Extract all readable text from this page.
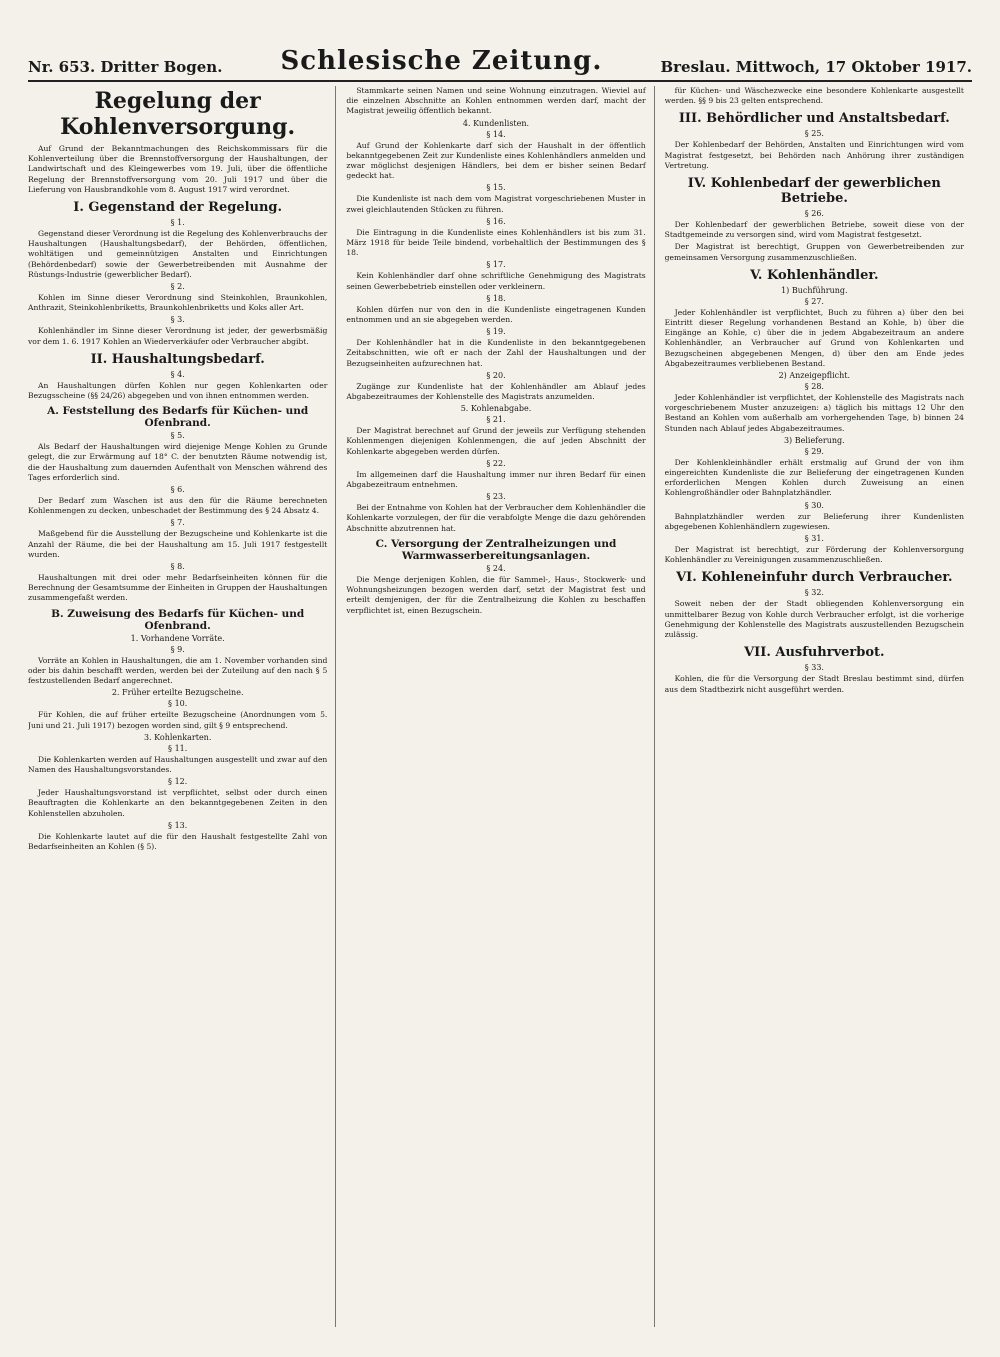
Nr. 653. Dritter Bogen. Schlesische Zeitung.	Breslau. Mittwoch, 17 Oktober 1917.
Regelung der Kohlenversorgung.

Auf Grund der Bekanntmachungen des Reichskommissars für die Kohlenverteilung über die Brennstoffversorgung der Haushaltungen, der Landwirtschaft und des Kleingewerbes vom 19. Juli, über die öffentliche Regelung der Brennstoffversorgung vom 20. Juli 1917 und über die Lieferung von Hausbrandkohle vom 8. August 1917 wird verordnet.

I. Gegenstand der Regelung.
§ 1.

Gegenstand dieser Verordnung ist die Regelung des Kohlenverbrauchs der Haushaltungen (Haushaltungsbedarf), der Behörden, öffentlichen, wohltätigen und gemeinnützigen Anstalten und Einrichtungen (Behördenbedarf) sowie der Gewerbetreibenden mit Ausnahme der Rüstungs-Industrie (gewerblicher Bedarf).

§ 2.

Kohlen im Sinne dieser Verordnung sind Steinkohlen, Braunkohlen, Anthrazit, Steinkohlenbriketts, Braunkohlenbriketts und Koks aller Art.

§ 3.

Kohlenhändler im Sinne dieser Verordnung ist jeder, der gewerbsmäßig vor dem 1. 6. 1917 Kohlen an Wiederverkäufer oder Verbraucher abgibt.

II. Haushaltungsbedarf.
§ 4.

An Haushaltungen dürfen Kohlen nur gegen Kohlenkarten oder Bezugsscheine (§§ 24/26) abgegeben und von ihnen entnommen werden.

A. Feststellung des Bedarfs für Küchen- und Ofenbrand.
§ 5.

Als Bedarf der Haushaltungen wird diejenige Menge Kohlen zu Grunde gelegt, die zur Erwärmung auf 18° C. der benutzten Räume notwendig ist, die der Haushaltung zum dauernden Aufenthalt von Menschen während des Tages erforderlich sind.

§ 6.

Der Bedarf zum Waschen ist aus den für die Räume berechneten Kohlenmengen zu decken, unbeschadet der Bestimmung des § 24 Absatz 4.

§ 7.

Maßgebend für die Ausstellung der Bezugscheine und Kohlenkarte ist die Anzahl der Räume, die bei der Haushaltung am 15. Juli 1917 festgestellt wurden.

§ 8.

Haushaltungen mit drei oder mehr Bedarfseinheiten können für die Berechnung der Gesamtsumme der Einheiten in Gruppen der Haushaltungen zusammengefaßt werden.

B. Zuweisung des Bedarfs für Küchen- und Ofenbrand.
1. Vorhandene Vorräte.
§ 9.

Vorräte an Kohlen in Haushaltungen, die am 1. November vorhanden sind oder bis dahin beschafft werden, werden bei der Zuteilung auf den nach § 5 festzustellenden Bedarf angerechnet.

2. Früher erteilte Bezugscheine.
§ 10.

Für Kohlen, die auf früher erteilte Bezugscheine (Anordnungen vom 5. Juni und 21. Juli 1917) bezogen worden sind, gilt § 9 entsprechend.

3. Kohlenkarten.
§ 11.

Die Kohlenkarten werden auf Haushaltungen ausgestellt und zwar auf den Namen des Haushaltungsvorstandes.

§ 12.

Jeder Haushaltungsvorstand ist verpflichtet, selbst oder durch einen Beauftragten die Kohlenkarte an den bekanntgegebenen Zeiten in den Kohlenstellen abzuholen.

§ 13.

Die Kohlenkarte lautet auf die für den Haushalt festgestellte Zahl von Bedarfseinheiten an Kohlen (§ 5).

Stammkarte seinen Namen und seine Wohnung einzutragen. Wieviel auf die einzelnen Abschnitte an Kohlen entnommen werden darf, macht der Magistrat jeweilig öffentlich bekannt.

4. Kundenlisten.
§ 14.

Auf Grund der Kohlenkarte darf sich der Haushalt in der öffentlich bekanntgegebenen Zeit zur Kundenliste eines Kohlenhändlers anmelden und zwar möglichst desjenigen Händlers, bei dem er bisher seinen Bedarf gedeckt hat.

§ 15.

Die Kundenliste ist nach dem vom Magistrat vorgeschriebenen Muster in zwei gleichlautenden Stücken zu führen.

§ 16.

Die Eintragung in die Kundenliste eines Kohlenhändlers ist bis zum 31. März 1918 für beide Teile bindend, vorbehaltlich der Bestimmungen des § 18.

§ 17.

Kein Kohlenhändler darf ohne schriftliche Genehmigung des Magistrats seinen Gewerbebetrieb einstellen oder verkleinern.

§ 18.

Kohlen dürfen nur von den in die Kundenliste eingetragenen Kunden entnommen und an sie abgegeben werden.

§ 19.

Der Kohlenhändler hat in die Kundenliste in den bekanntgegebenen Zeitabschnitten, wie oft er nach der Zahl der Haushaltungen und der Bezugseinheiten aufzurechnen hat.

§ 20.

Zugänge zur Kundenliste hat der Kohlenhändler am Ablauf jedes Abgabezeitraumes der Kohlenstelle des Magistrats anzumelden.

5. Kohlenabgabe.
§ 21.

Der Magistrat berechnet auf Grund der jeweils zur Verfügung stehenden Kohlenmengen diejenigen Kohlenmengen, die auf jeden Abschnitt der Kohlenkarte abgegeben werden dürfen.

§ 22.

Im allgemeinen darf die Haushaltung immer nur ihren Bedarf für einen Abgabezeitraum entnehmen.

§ 23.

Bei der Entnahme von Kohlen hat der Verbraucher dem Kohlenhändler die Kohlenkarte vorzulegen, der für die verabfolgte Menge die dazu gehörenden Abschnitte abzutrennen hat.

C. Versorgung der Zentralheizungen und Warmwasserbereitungsanlagen.
§ 24.

Die Menge derjenigen Kohlen, die für Sammel-, Haus-, Stockwerk- und Wohnungsheizungen bezogen werden darf, setzt der Magistrat fest und erteilt demjenigen, der für die Zentralheizung die Kohlen zu beschaffen verpflichtet ist, einen Bezugschein.

für Küchen- und Wäschezwecke eine besondere Kohlenkarte ausgestellt werden. §§ 9 bis 23 gelten entsprechend.

III. Behördlicher und Anstaltsbedarf.
§ 25.

Der Kohlenbedarf der Behörden, Anstalten und Einrichtungen wird vom Magistrat festgesetzt, bei Behörden nach Anhörung ihrer zuständigen Vertretung.

IV. Kohlenbedarf der gewerblichen Betriebe.
§ 26.

Der Kohlenbedarf der gewerblichen Betriebe, soweit diese von der Stadtgemeinde zu versorgen sind, wird vom Magistrat festgesetzt.

Der Magistrat ist berechtigt, Gruppen von Gewerbetreibenden zur gemeinsamen Versorgung zusammenzuschließen.

V. Kohlenhändler.
1) Buchführung.
§ 27.

Jeder Kohlenhändler ist verpflichtet, Buch zu führen a) über den bei Eintritt dieser Regelung vorhandenen Bestand an Kohle, b) über die Eingänge an Kohle, c) über die in jedem Abgabezeitraum an andere Kohlenhändler, an Verbraucher auf Grund von Kohlenkarten und Bezugscheinen abgegebenen Mengen, d) über den am Ende jedes Abgabezeitraumes verbliebenen Bestand.

2) Anzeigepflicht.
§ 28.

Jeder Kohlenhändler ist verpflichtet, der Kohlenstelle des Magistrats nach vorgeschriebenem Muster anzuzeigen: a) täglich bis mittags 12 Uhr den Bestand an Kohlen vom außerhalb am vorhergehenden Tage, b) binnen 24 Stunden nach Ablauf jedes Abgabezeitraumes.

3) Belieferung.
§ 29.

Der Kohlenkleinhändler erhält erstmalig auf Grund der von ihm eingereichten Kundenliste die zur Belieferung der eingetragenen Kunden erforderlichen Mengen Kohlen durch Zuweisung an einen Kohlengroßhändler oder Bahnplatzhändler.

§ 30.

Bahnplatzhändler werden zur Belieferung ihrer Kundenlisten abgegebenen Kohlenhändlern zugewiesen.

§ 31.

Der Magistrat ist berechtigt, zur Förderung der Kohlenversorgung Kohlenhändler zu Vereinigungen zusammenzuschließen.

VI. Kohleneinfuhr durch Verbraucher.
§ 32.

Soweit neben der der Stadt obliegenden Kohlenversorgung ein unmittelbarer Bezug von Kohle durch Verbraucher erfolgt, ist die vorherige Genehmigung der Kohlenstelle des Magistrats auszustellenden Bezugschein zulässig.

VII. Ausfuhrverbot.
§ 33.

Kohlen, die für die Versorgung der Stadt Breslau bestimmt sind, dürfen aus dem Stadtbezirk nicht ausgeführt werden.
